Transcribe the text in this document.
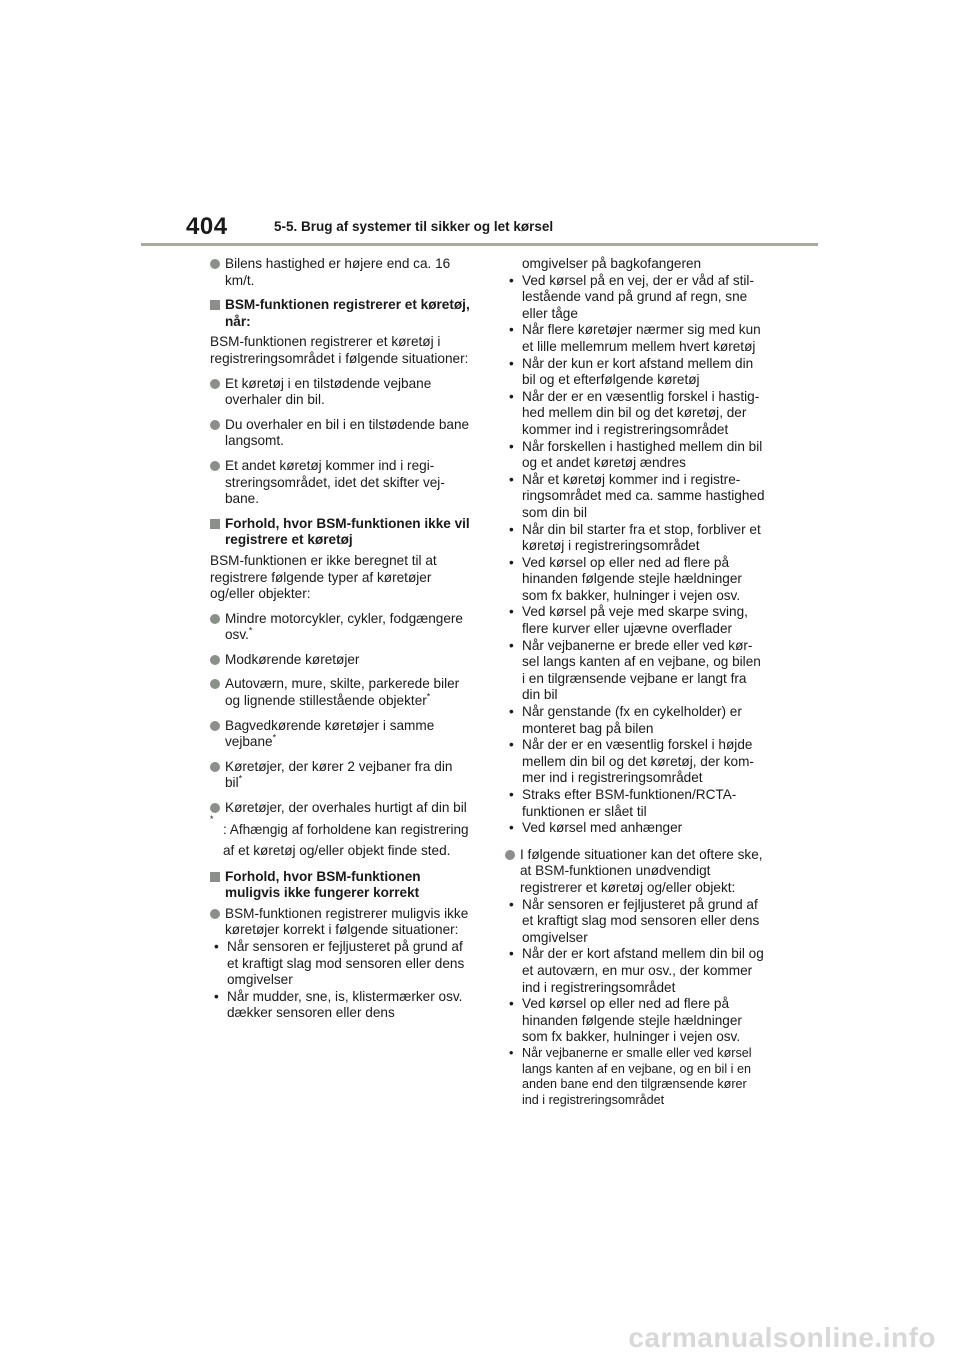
404	5-5. Brug af systemer til sikker og let kørsel
Bilens hastighed er højere end ca. 16 km/t.
BSM-funktionen registrerer et køretøj, når:
BSM-funktionen registrerer et køretøj i registreringsområdet i følgende situationer:
Et køretøj i en tilstødende vejbane overhaler din bil.
Du overhaler en bil i en tilstødende bane langsomt.
Et andet køretøj kommer ind i registreringsområdet, idet det skifter vejbane.
Forhold, hvor BSM-funktionen ikke vil registrere et køretøj
BSM-funktionen er ikke beregnet til at registrere følgende typer af køretøjer og/eller objekter:
Mindre motorcykler, cykler, fodgængere osv.*
Modkørende køretøjer
Autoværn, mure, skilte, parkerede biler og lignende stillestående objekter*
Bagvedkørende køretøjer i samme vejbane*
Køretøjer, der kører 2 vejbaner fra din bil*
Køretøjer, der overhales hurtigt af din bil
*
: Afhængig af forholdene kan registrering af et køretøj og/eller objekt finde sted.
Forhold, hvor BSM-funktionen muligvis ikke fungerer korrekt
BSM-funktionen registrerer muligvis ikke køretøjer korrekt i følgende situationer:
• Når sensoren er fejljusteret på grund af et kraftigt slag mod sensoren eller dens omgivelser
• Når mudder, sne, is, klistermærker osv. dækker sensoren eller dens
omgivelser på bagkofangeren
• Ved kørsel på en vej, der er våd af stillestående vand på grund af regn, sne eller tåge
• Når flere køretøjer nærmer sig med kun et lille mellemrum mellem hvert køretøj
• Når der kun er kort afstand mellem din bil og et efterfølgende køretøj
• Når der er en væsentlig forskel i hastighed mellem din bil og det køretøj, der kommer ind i registreringsområdet
• Når forskellen i hastighed mellem din bil og et andet køretøj ændres
• Når et køretøj kommer ind i registreringsområdet med ca. samme hastighed som din bil
• Når din bil starter fra et stop, forbliver et køretøj i registreringsområdet
• Ved kørsel op eller ned ad flere på hinanden følgende stejle hældninger som fx bakker, hulninger i vejen osv.
• Ved kørsel på veje med skarpe sving, flere kurver eller ujævne overflader
• Når vejbanerne er brede eller ved kørsel langs kanten af en vejbane, og bilen i en tilgrænsende vejbane er langt fra din bil
• Når genstande (fx en cykelholder) er monteret bag på bilen
• Når der er en væsentlig forskel i højde mellem din bil og det køretøj, der kommer ind i registreringsområdet
• Straks efter BSM-funktionen/RCTA-funktionen er slået til
• Ved kørsel med anhænger
I følgende situationer kan det oftere ske, at BSM-funktionen unødvendigt registrerer et køretøj og/eller objekt:
• Når sensoren er fejljusteret på grund af et kraftigt slag mod sensoren eller dens omgivelser
• Når der er kort afstand mellem din bil og et autoværn, en mur osv., der kommer ind i registreringsområdet
• Ved kørsel op eller ned ad flere på hinanden følgende stejle hældninger som fx bakker, hulninger i vejen osv.
• Når vejbanerne er smalle eller ved kørsel langs kanten af en vejbane, og en bil i en anden bane end den tilgrænsende kører ind i registreringsområdet
carmanualsonline.info
